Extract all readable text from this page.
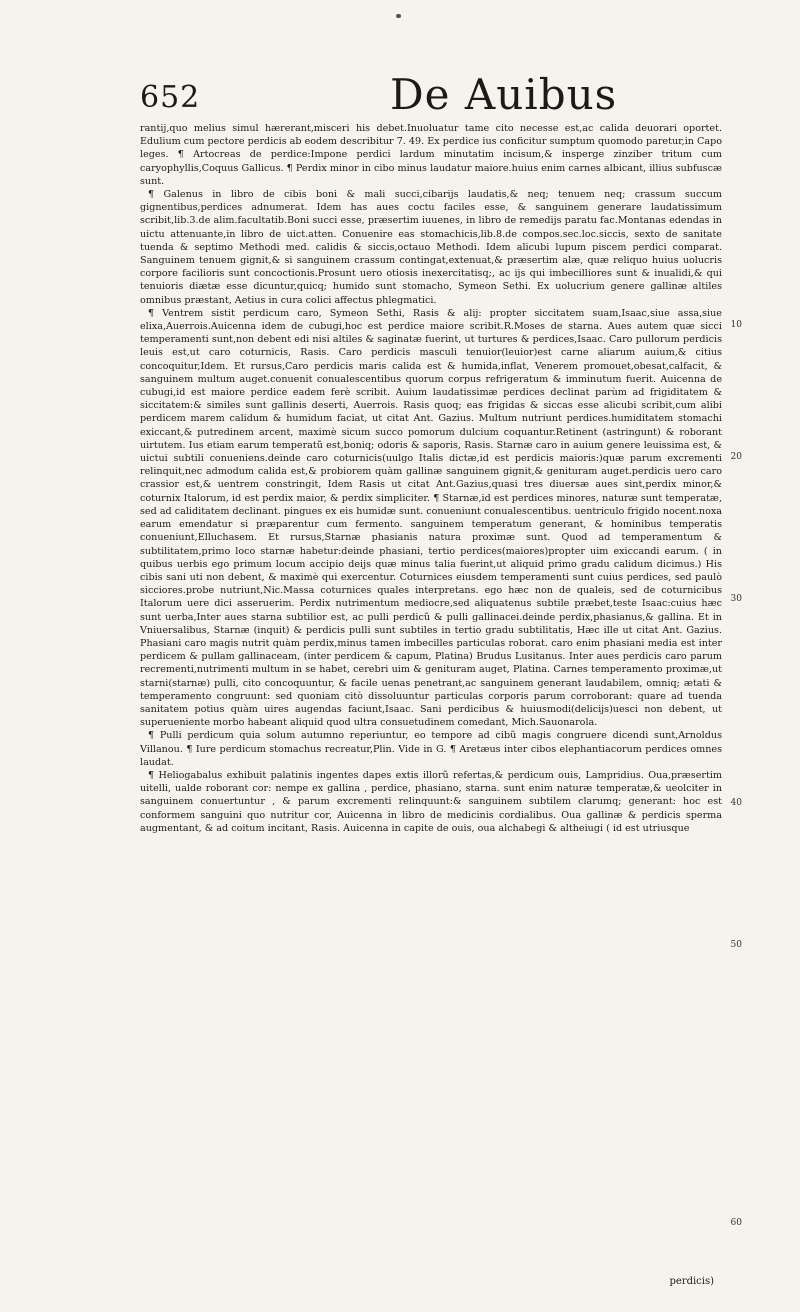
652	De Auibus

rantij,quo melius simul hærerant,misceri his debet.Inuoluatur tame cito necesse est,ac calida deuorari oportet. Edulium cum pectore perdicis ab eodem describitur 7. 49. Ex perdice ius conficitur sumptum quomodo paretur,in Capo leges. ¶ Artocreas de perdice:Impone perdici lardum minutatim incisum,& insperge zinziber tritum cum caryophyllis,Coquus Gallicus. ¶ Perdix minor in cibo minus laudatur maiore.huius enim carnes albicant, illius subfuscæ sunt.

¶ Galenus in libro de cibis boni & mali succi,cibarijs laudatis,& neq; tenuem neq; crassum succum gignentibus,perdices adnumerat. Idem has aues coctu faciles esse, & sanguinem generare laudatissimum scribit,lib.3.de alim.facultatib.Boni succi esse, præsertim iuuenes, in libro de remedijs paratu fac.Montanas edendas in uictu attenuante,in libro de uict.atten. Conuenire eas stomachicis,lib.8.de compos.sec.loc.siccis, sexto de sanitate tuenda & septimo Methodi med. calidis & siccis,octauo Methodi. Idem alicubi lupum piscem perdici comparat. Sanguinem tenuem gignit,& si sanguinem crassum contingat,extenuat,& præsertim alæ, quæ reliquo huius uolucris corpore facilioris sunt concoctionis.Prosunt uero otiosis inexercitatisq;, ac ijs qui imbecilliores sunt & inualidi,& qui tenuioris diætæ esse dicuntur,quicq; humido sunt stomacho, Symeon Sethi. Ex uolucrium genere gallinæ altiles omnibus præstant, Aetius in cura colici affectus phlegmatici.

¶ Ventrem sistit perdicum caro, Symeon Sethi, Rasis & alij: propter siccitatem suam,Isaac,siue assa,siue elixa,Auerrois.Auicenna idem de cubugi,hoc est perdice maiore scribit.R.Moses de starna. Aues autem quæ sicci temperamenti sunt,non debent edi nisi altiles & saginatæ fuerint, ut turtures & perdices,Isaac. Caro pullorum perdicis leuis est,ut caro coturnicis, Rasis. Caro perdicis masculi tenuior(leuior)est carne aliarum auium,& citius concoquitur,Idem. Et rursus,Caro perdicis maris calida est & humida,inflat, Venerem promouet,obesat,calfacit, & sanguinem multum auget.conuenit conualescentibus quorum corpus refrigeratum & imminutum fuerit. Auicenna de cubugi,id est maiore perdice eadem ferè scribit. Auium laudatissimæ perdices declinat parùm ad frigiditatem & siccitatem:& similes sunt gallinis deserti, Auerrois. Rasis quoq; eas frigidas & siccas esse alicubi scribit,cum alibi perdicem marem calidum & humidum faciat, ut citat Ant. Gazius. Multum nutriunt perdices.humiditatem stomachi exiccant,& putredinem arcent, maximè sicum succo pomorum dulcium coquantur.Retinent (astringunt) & roborant uirtutem. Ius etiam earum temperatũ est,boniq; odoris & saporis, Rasis. Starnæ caro in auium genere leuissima est, & uictui subtili conueniens.deinde caro coturnicis(uulgo Italis dictæ,id est perdicis maioris:)quæ parum excrementi relinquit,nec admodum calida est,& probiorem quàm gallinæ sanguinem gignit,& genituram auget.perdicis uero caro crassior est,& uentrem constringit, Idem Rasis ut citat Ant.Gazius,quasi tres diuersæ aues sint,perdix minor,& coturnix Italorum, id est perdix maior, & perdix simpliciter. ¶ Starnæ,id est perdices minores, naturæ sunt temperatæ, sed ad caliditatem declinant. pingues ex eis humidæ sunt. conueniunt conualescentibus. uentriculo frigido nocent.noxa earum emendatur si præparentur cum fermento. sanguinem temperatum generant, & hominibus temperatis conueniunt,Elluchasem. Et rursus,Starnæ phasianis natura proximæ sunt. Quod ad temperamentum & subtilitatem,primo loco starnæ habetur:deinde phasiani, tertio perdices(maiores)propter uim exiccandi earum. ( in quibus uerbis ego primum locum accipio deijs quæ minus talia fuerint,ut aliquid primo gradu calidum dicimus.) His cibis sani uti non debent, & maximè qui exercentur. Coturnices eiusdem temperamenti sunt cuius perdices, sed paulò sicciores.probe nutriunt,Nic.Massa coturnices quales interpretans. ego hæc non de qualeis, sed de coturnicibus Italorum uere dici asseruerim. Perdix nutrimentum mediocre,sed aliquatenus subtile præbet,teste Isaac:cuius hæc sunt uerba,Inter aues starna subtilior est, ac pulli perdicũ & pulli gallinacei.deinde perdix,phasianus,& gallina. Et in Vniuersalibus, Starnæ (inquit) & perdicis pulli sunt subtiles in tertio gradu subtilitatis, Hæc ille ut citat Ant. Gazius. Phasiani caro magis nutrit quàm perdix,minus tamen imbecilles particulas roborat. caro enim phasiani media est inter perdicem & pullam gallinaceam, (inter perdicem & capum, Platina) Brudus Lusitanus. Inter aues perdicis caro parum recrementi,nutrimenti multum in se habet, cerebri uim & genituram auget, Platina. Carnes temperamento proximæ,ut starni(starnæ) pulli, cito concoquuntur, & facile uenas penetrant,ac sanguinem generant laudabilem, omniq; ætati & temperamento congruunt: sed quoniam citò dissoluuntur particulas corporis parum corroborant: quare ad tuenda sanitatem potius quàm uires augendas faciunt,Isaac. Sani perdicibus & huiusmodi(delicijs)uesci non debent, ut superueniente morbo habeant aliquid quod ultra consuetudinem comedant, Mich.Sauonarola.

¶ Pulli perdicum quia solum autumno reperiuntur, eo tempore ad cibũ magis congruere dicendi sunt,Arnoldus Villanou. ¶ Iure perdicum stomachus recreatur,Plin. Vide in G. ¶ Aretæus inter cibos elephantiacorum perdices omnes laudat.

¶ Heliogabalus exhibuit palatinis ingentes dapes extis illorũ refertas,& perdicum ouis, Lampridius. Oua,præsertim uitelli, ualde roborant cor: nempe ex gallina , perdice, phasiano, starna. sunt enim naturæ temperatæ,& ueolciter in sanguinem conuertuntur , & parum excrementi relinquunt:& sanguinem subtilem clarumq; generant: hoc est conformem sanguini quo nutritur cor, Auicenna in libro de medicinis cordialibus. Oua gallinæ & perdicis sperma augmentant, & ad coitum incitant, Rasis. Auicenna in capite de ouis, oua alchabegi & altheiugi ( id est utriusque

10
20
30
40
50
60
perdicis)
